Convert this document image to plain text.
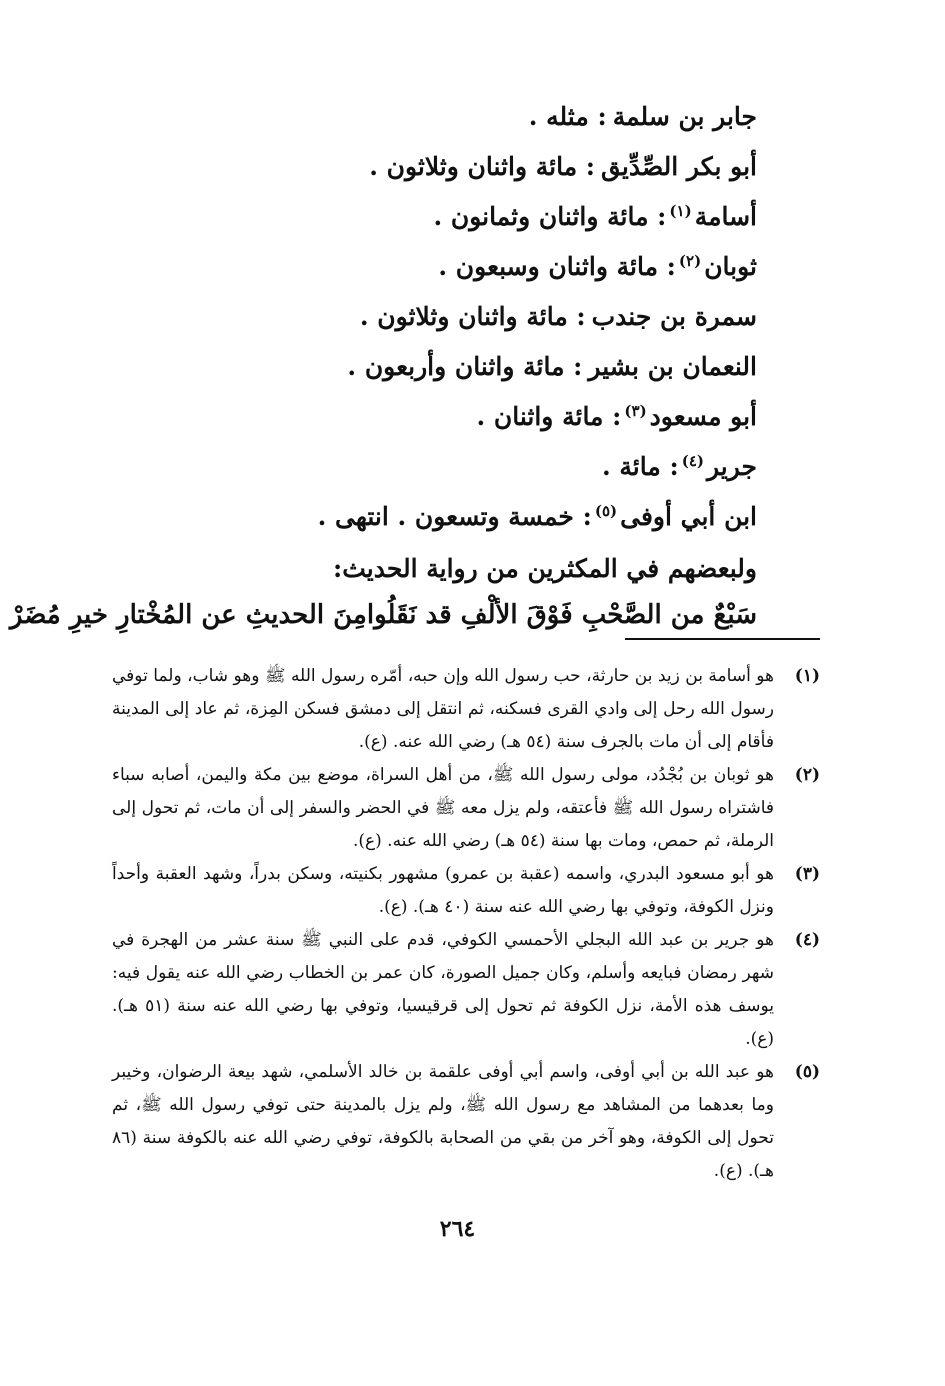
جابر بن سلمة: مثله .
أبو بكر الصِّدِّيق: مائة واثنان وثلاثون .
أسامة$^{(١)}$: مائة واثنان وثمانون .
ثوبان$^{(٢)}$: مائة واثنان وسبعون .
سمرة بن جندب: مائة واثنان وثلاثون .
النعمان بن بشير: مائة واثنان وأربعون .
أبو مسعود$^{(٣)}$: مائة واثنان .
جرير$^{(٤)}$: مائة .
ابن أبي أوفى$^{(٥)}$: خمسة وتسعون . انتهى .
ولبعضهم في المكثرين من رواية الحديث:
سَبْعٌ من الصَّحْبِ فَوْقَ الألْفِ قد نَقَلُوا
مِنَ الحديثِ عن المُخْتارِ خيرِ مُضَرْ
(١)
هو أسامة بن زيد بن حارثة، حب رسول الله وإن حبه، أمّره رسول الله ﷺ وهو شاب، ولما توفي رسول الله رحل إلى وادي القرى فسكنه، ثم انتقل إلى دمشق فسكن المِزة، ثم عاد إلى المدينة فأقام إلى أن مات بالجرف سنة (٥٤ هـ) رضي الله عنه. (ع).
(٢)
هو ثوبان بن بُجْدُد، مولى رسول الله ﷺ، من أهل السراة، موضع بين مكة واليمن، أصابه سباء فاشتراه رسول الله ﷺ فأعتقه، ولم يزل معه ﷺ في الحضر والسفر إلى أن مات، ثم تحول إلى الرملة، ثم حمص، ومات بها سنة (٥٤ هـ) رضي الله عنه. (ع).
(٣)
هو أبو مسعود البدري، واسمه (عقبة بن عمرو) مشهور بكنيته، وسكن بدراً، وشهد العقبة وأحداً ونزل الكوفة، وتوفي بها رضي الله عنه سنة (٤٠ هـ). (ع).
(٤)
هو جرير بن عبد الله البجلي الأحمسي الكوفي، قدم على النبي ﷺ سنة عشر من الهجرة في شهر رمضان فبايعه وأسلم، وكان جميل الصورة، كان عمر بن الخطاب رضي الله عنه يقول فيه: يوسف هذه الأمة، نزل الكوفة ثم تحول إلى قرقيسيا، وتوفي بها رضي الله عنه سنة (٥١ هـ). (ع).
(٥)
هو عبد الله بن أبي أوفى، واسم أبي أوفى علقمة بن خالد الأسلمي، شهد بيعة الرضوان، وخيبر وما بعدهما من المشاهد مع رسول الله ﷺ، ولم يزل بالمدينة حتى توفي رسول الله ﷺ، ثم تحول إلى الكوفة، وهو آخر من بقي من الصحابة بالكوفة، توفي رضي الله عنه بالكوفة سنة (٨٦ هـ). (ع).
٢٦٤
